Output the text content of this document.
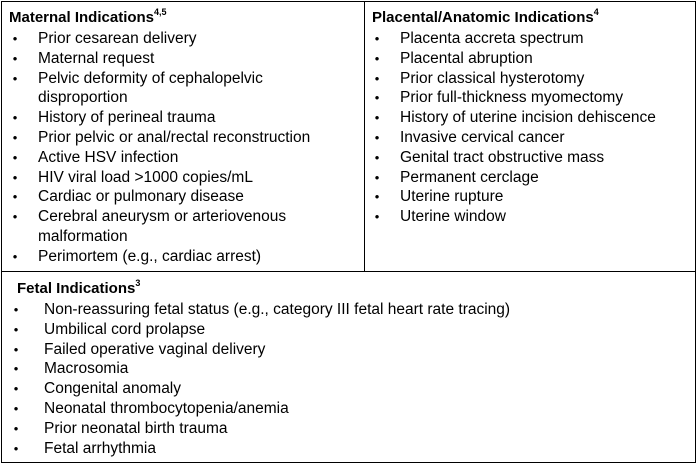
Maternal Indications$^{4,5}$
• Prior cesarean delivery
• Maternal request
• Pelvic deformity of cephalopelvic disproportion
• History of perineal trauma
• Prior pelvic or anal/rectal reconstruction
• Active HSV infection
• HIV viral load >1000 copies/mL
• Cardiac or pulmonary disease
• Cerebral aneurysm or arteriovenous malformation
• Perimortem (e.g., cardiac arrest)
Placental/Anatomic Indications$^4$
• Placenta accreta spectrum
• Placental abruption
• Prior classical hysterotomy
• Prior full-thickness myomectomy
• History of uterine incision dehiscence
• Invasive cervical cancer
• Genital tract obstructive mass
• Permanent cerclage
• Uterine rupture
• Uterine window
Fetal Indications$^3$
• Non-reassuring fetal status (e.g., category III fetal heart rate tracing)
• Umbilical cord prolapse
• Failed operative vaginal delivery
• Macrosomia
• Congenital anomaly
• Neonatal thrombocytopenia/anemia
• Prior neonatal birth trauma
• Fetal arrhythmia
